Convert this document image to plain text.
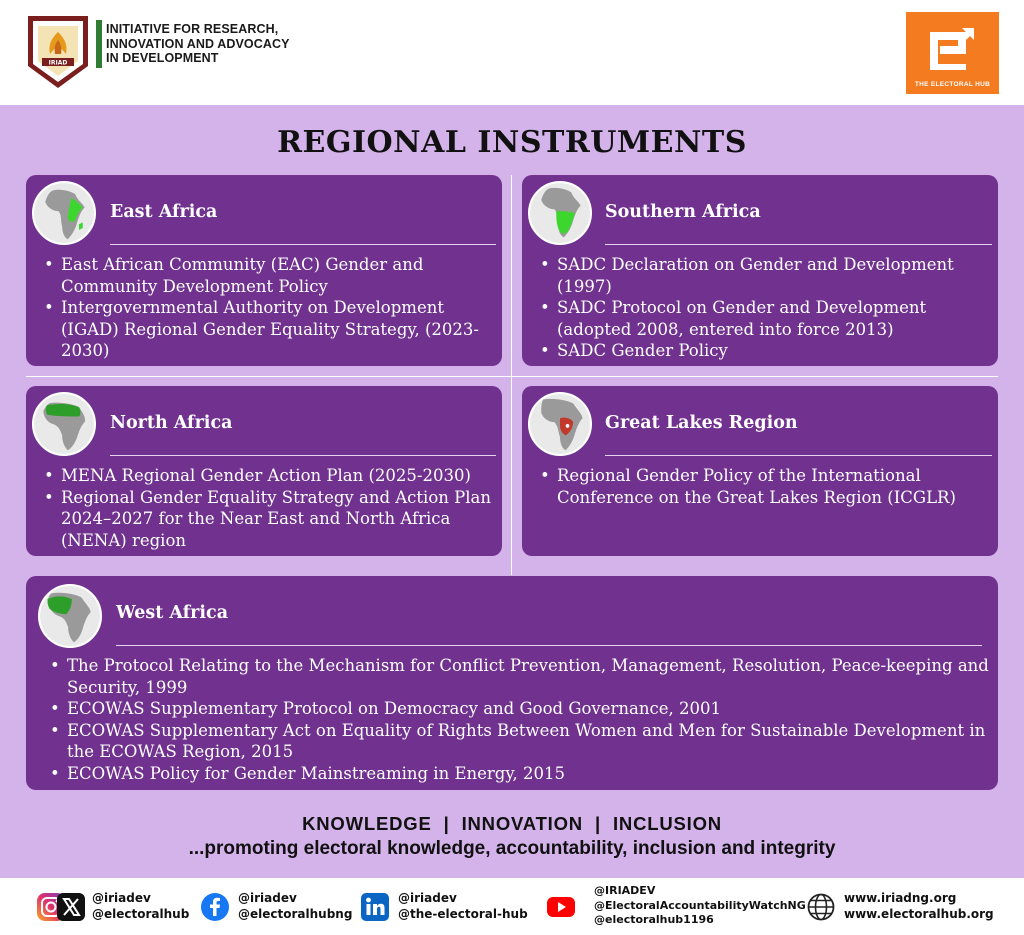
IRIAD
INITIATIVE FOR RESEARCH,
INNOVATION AND ADVOCACY
IN DEVELOPMENT
THE ELECTORAL HUB
REGIONAL INSTRUMENTS
East Africa
• East African Community (EAC) Gender and Community Development Policy
• Intergovernmental Authority on Development (IGAD) Regional Gender Equality Strategy, (2023-2030)
Southern Africa
• SADC Declaration on Gender and Development (1997)
• SADC Protocol on Gender and Development (adopted 2008, entered into force 2013)
• SADC Gender Policy
North Africa
• MENA Regional Gender Action Plan (2025-2030)
• Regional Gender Equality Strategy and Action Plan 2024–2027 for the Near East and North Africa (NENA) region
Great Lakes Region
• Regional Gender Policy of the International Conference on the Great Lakes Region (ICGLR)
West Africa
• The Protocol Relating to the Mechanism for Conflict Prevention, Management, Resolution, Peace-keeping and Security, 1999
• ECOWAS Supplementary Protocol on Democracy and Good Governance, 2001
• ECOWAS Supplementary Act on Equality of Rights Between Women and Men for Sustainable Development in the ECOWAS Region, 2015
• ECOWAS Policy for Gender Mainstreaming in Energy, 2015
KNOWLEDGE | INNOVATION | INCLUSION
...promoting electoral knowledge, accountability, inclusion and integrity
@iriadev
@electoralhub
@iriadev
@electoralhubng
@iriadev
@the-electoral-hub
@IRIADEV
@ElectoralAccountabilityWatchNG
@electoralhub1196
www.iriadng.org
www.electoralhub.org
